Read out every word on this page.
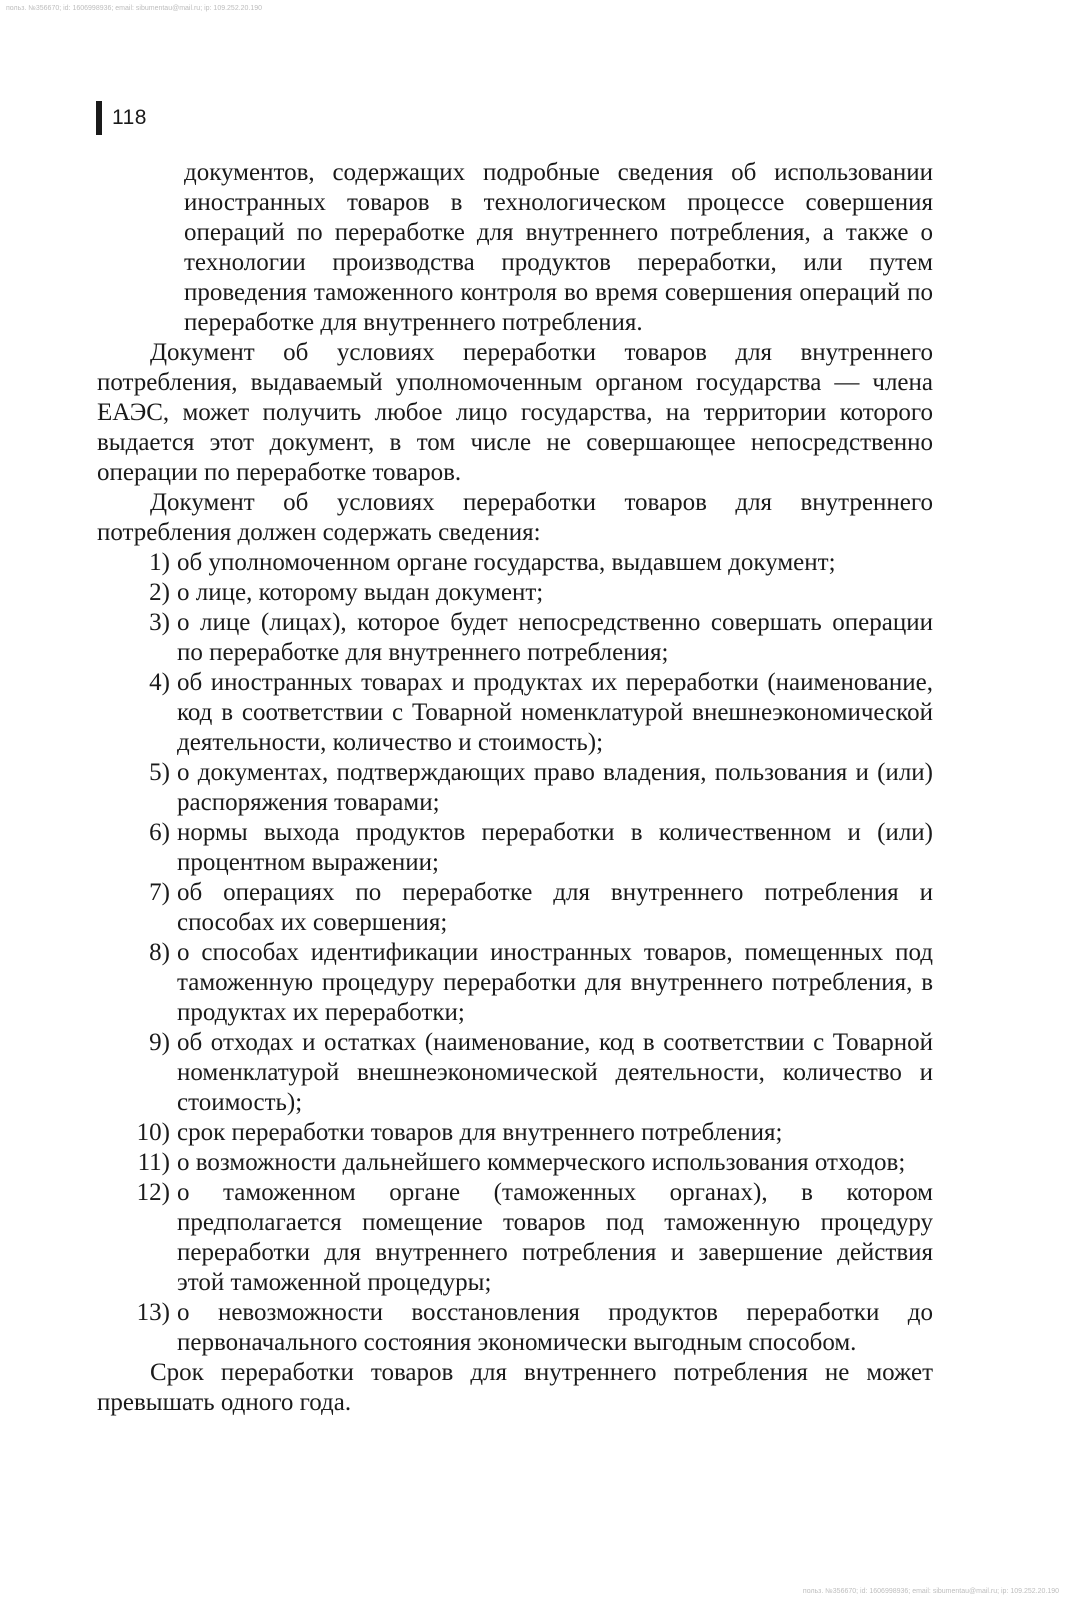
польз. №356670; id: 1606998936; email: sibumentau@mail.ru; ip: 109.252.20.190
118

документов, содержащих подробные сведения об использовании иностранных товаров в технологическом процессе совершения операций по переработке для внутреннего потребления, а также о технологии производства продуктов переработки, или путем проведения таможенного контроля во время совершения операций по переработке для внутреннего потребления.

Документ об условиях переработки товаров для внутреннего потребления, выдаваемый уполномоченным органом государства — члена ЕАЭС, может получить любое лицо государства, на территории которого выдается этот документ, в том числе не совершающее непосредственно операции по переработке товаров.

Документ об условиях переработки товаров для внутреннего потребления должен содержать сведения:

1) об уполномоченном органе государства, выдавшем документ;
2) о лице, которому выдан документ;
3) о лице (лицах), которое будет непосредственно совершать операции по переработке для внутреннего потребления;
4) об иностранных товарах и продуктах их переработки (наименование, код в соответствии с Товарной номенклатурой внешнеэкономической деятельности, количество и стоимость);
5) о документах, подтверждающих право владения, пользования и (или) распоряжения товарами;
6) нормы выхода продуктов переработки в количественном и (или) процентном выражении;
7) об операциях по переработке для внутреннего потребления и способах их совершения;
8) о способах идентификации иностранных товаров, помещенных под таможенную процедуру переработки для внутреннего потребления, в продуктах их переработки;
9) об отходах и остатках (наименование, код в соответствии с Товарной номенклатурой внешнеэкономической деятельности, количество и стоимость);
10) срок переработки товаров для внутреннего потребления;
11) о возможности дальнейшего коммерческого использования отходов;
12) о таможенном органе (таможенных органах), в котором предполагается помещение товаров под таможенную процедуру переработки для внутреннего потребления и завершение действия этой таможенной процедуры;
13) о невозможности восстановления продуктов переработки до первоначального состояния экономически выгодным способом.

Срок переработки товаров для внутреннего потребления не может превышать одного года.

польз. №356670; id: 1606998936; email: sibumentau@mail.ru; ip: 109.252.20.190
